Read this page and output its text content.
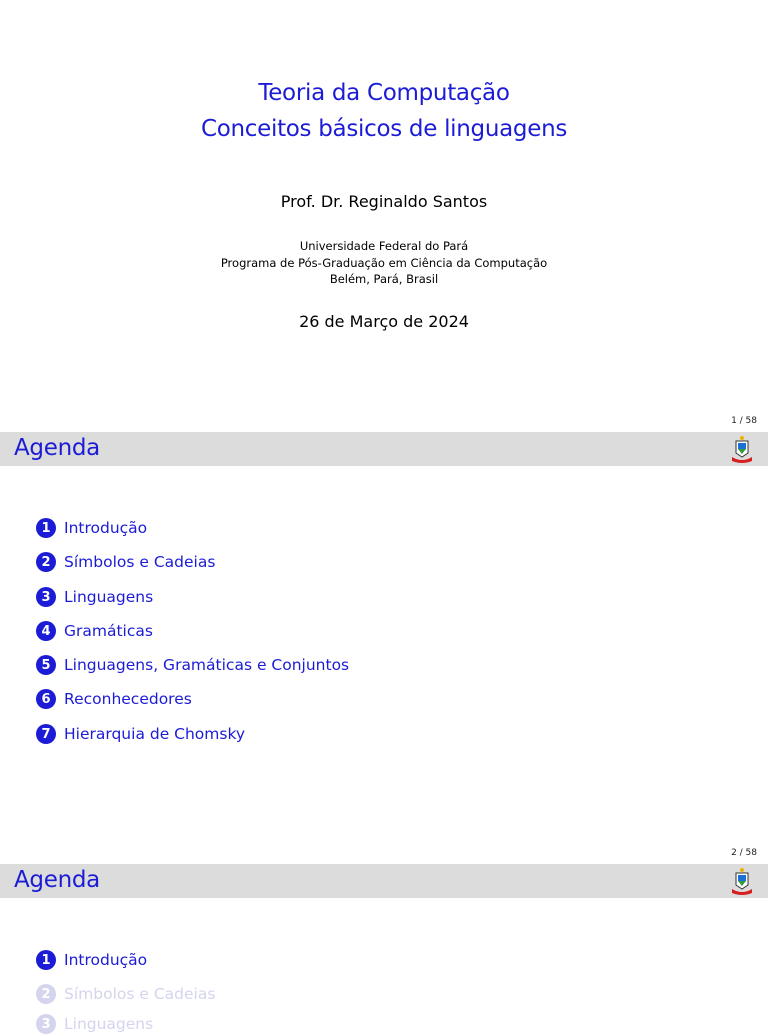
Teoria da Computação
Conceitos básicos de linguagens
Prof. Dr. Reginaldo Santos
Universidade Federal do Pará
Programa de Pós-Graduação em Ciência da Computação
Belém, Pará, Brasil
26 de Março de 2024
1 / 58
Agenda
1 Introdução
2 Símbolos e Cadeias
3 Linguagens
4 Gramáticas
5 Linguagens, Gramáticas e Conjuntos
6 Reconhecedores
7 Hierarquia de Chomsky
2 / 58
Agenda
1 Introdução
2 Símbolos e Cadeias
3 Linguagens
